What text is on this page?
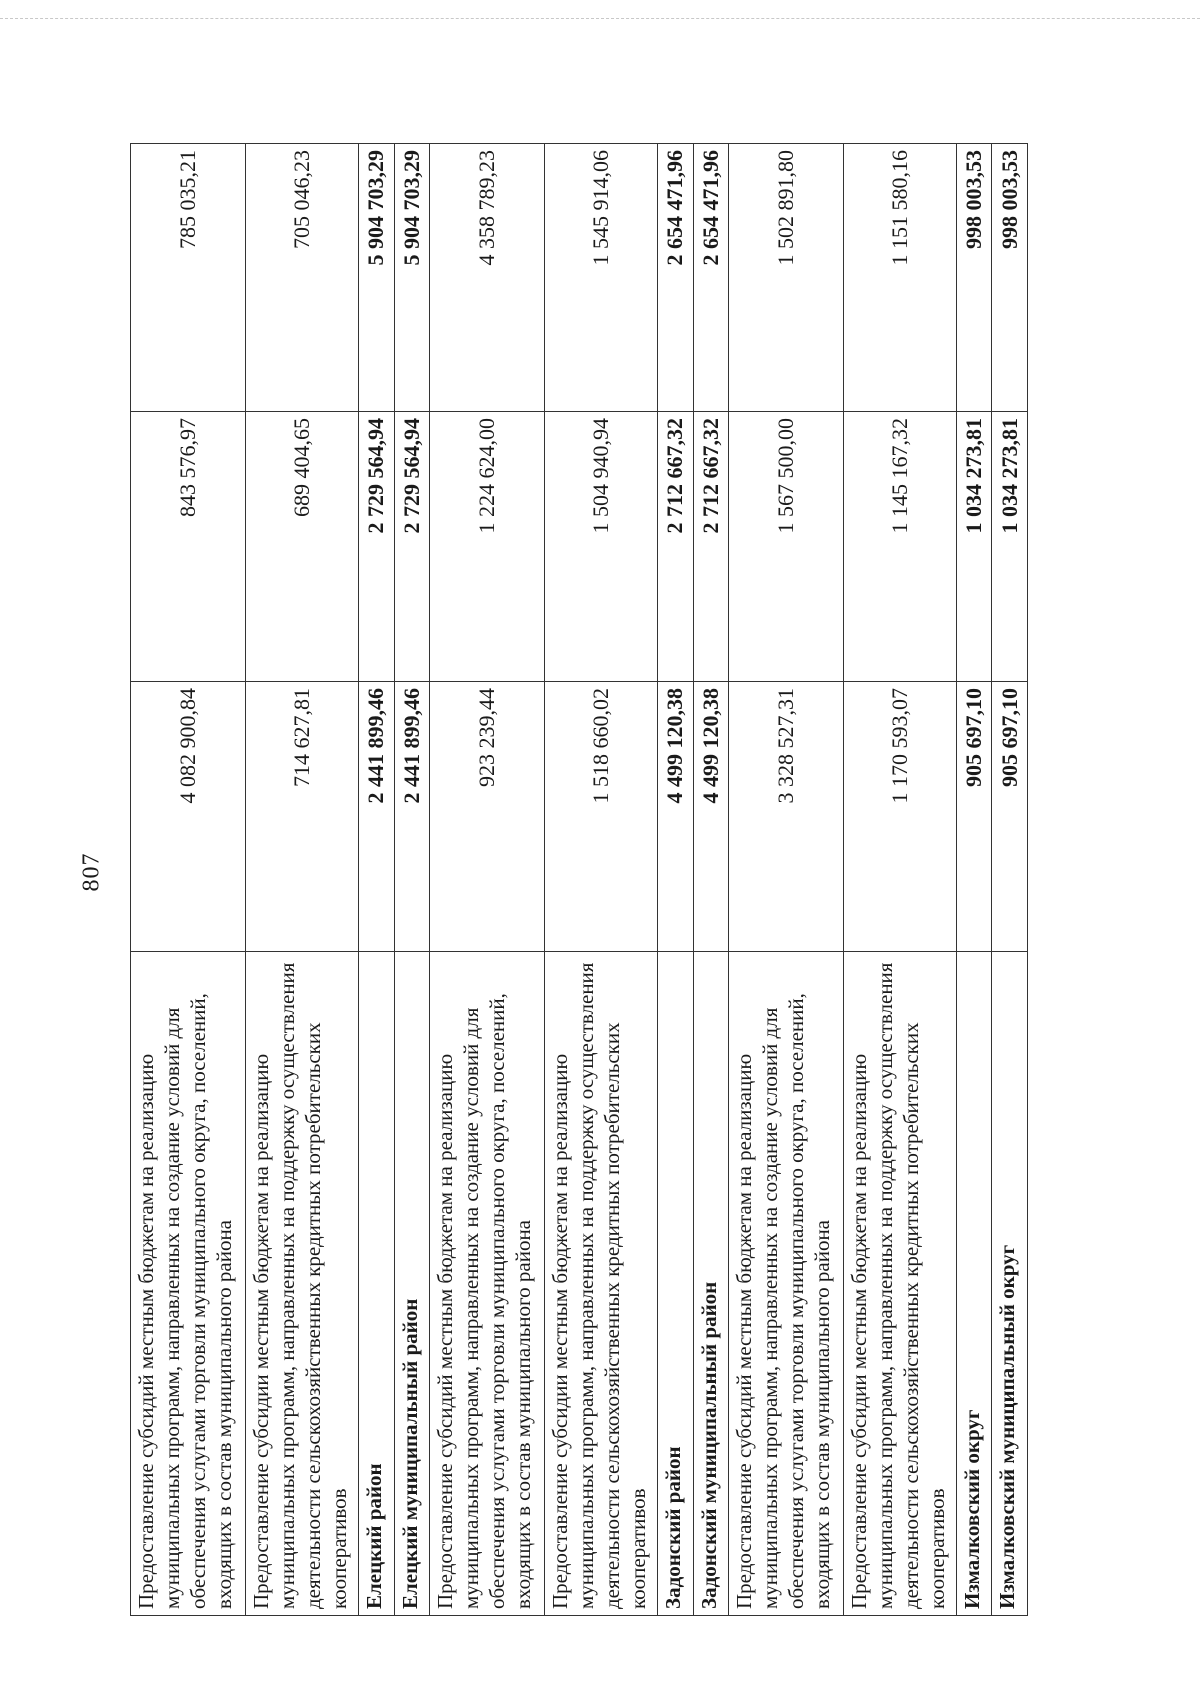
807
Предоставление субсидий местным бюджетам на реализацию муниципальных программ, направленных на создание условий для обеспечения услугами торговли муниципального округа, поселений, входящих в состав муниципального района	4 082 900,84	843 576,97	785 035,21
Предоставление субсидии местным бюджетам на реализацию муниципальных программ, направленных на поддержку осуществления деятельности сельскохозяйственных кредитных потребительских кооперативов	714 627,81	689 404,65	705 046,23
Елецкий район	2 441 899,46	2 729 564,94	5 904 703,29
Елецкий муниципальный район	2 441 899,46	2 729 564,94	5 904 703,29
Предоставление субсидий местным бюджетам на реализацию муниципальных программ, направленных на создание условий для обеспечения услугами торговли муниципального округа, поселений, входящих в состав муниципального района	923 239,44	1 224 624,00	4 358 789,23
Предоставление субсидии местным бюджетам на реализацию муниципальных программ, направленных на поддержку осуществления деятельности сельскохозяйственных кредитных потребительских кооперативов	1 518 660,02	1 504 940,94	1 545 914,06
Задонский район	4 499 120,38	2 712 667,32	2 654 471,96
Задонский муниципальный район	4 499 120,38	2 712 667,32	2 654 471,96
Предоставление субсидий местным бюджетам на реализацию муниципальных программ, направленных на создание условий для обеспечения услугами торговли муниципального округа, поселений, входящих в состав муниципального района	3 328 527,31	1 567 500,00	1 502 891,80
Предоставление субсидии местным бюджетам на реализацию муниципальных программ, направленных на поддержку осуществления деятельности сельскохозяйственных кредитных потребительских кооперативов	1 170 593,07	1 145 167,32	1 151 580,16
Измалковский округ	905 697,10	1 034 273,81	998 003,53
Измалковский муниципальный округ	905 697,10	1 034 273,81	998 003,53
